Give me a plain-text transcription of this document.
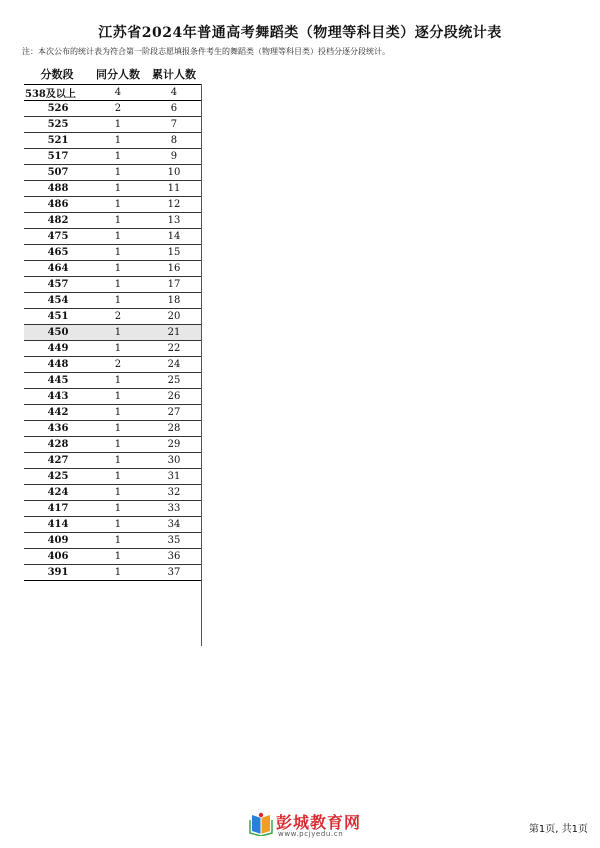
江苏省2024年普通高考舞蹈类（物理等科目类）逐分段统计表
注：本次公布的统计表为符合第一阶段志愿填报条件考生的舞蹈类（物理等科目类）投档分逐分段统计。
分数段	同分人数	累计人数
538及以上	4	4
526	2	6
525	1	7
521	1	8
517	1	9
507	1	10
488	1	11
486	1	12
482	1	13
475	1	14
465	1	15
464	1	16
457	1	17
454	1	18
451	2	20
450	1	21
449	1	22
448	2	24
445	1	25
443	1	26
442	1	27
436	1	28
428	1	29
427	1	30
425	1	31
424	1	32
417	1	33
414	1	34
409	1	35
406	1	36
391	1	37
彭城教育网
www.pcjyedu.cn	第1页, 共1页
